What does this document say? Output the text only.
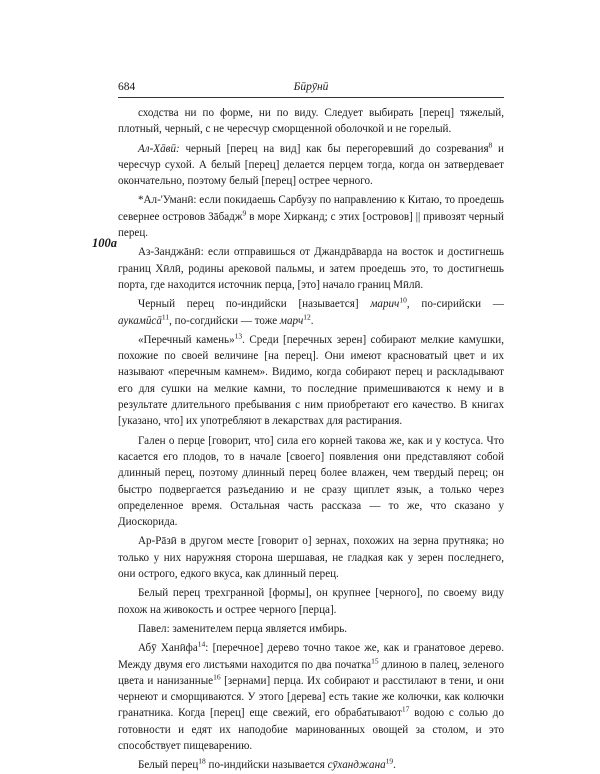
684	Бӣрӯнӣ
100а

сходства ни по форме, ни по виду. Следует выбирать [перец] тяжелый, плотный, черный, с не чересчур сморщенной оболочкой и не горелый.

Ал-Хāвӣ: черный [перец на вид] как бы перегоревший до созревания$^8$ и чересчур сухой. А белый [перец] делается перцем тогда, когда он затвердевает окончательно, поэтому белый [перец] острее черного.

*Ал-'Уманӣ: если покидаешь Сарбузу по направлению к Китаю, то проедешь севернее островов Зāбадж$^9$ в море Хирканд; с этих [островов] || привозят черный перец.

Аз-Занджāнӣ: если отправишься от Джандрāварда на восток и достигнешь границ Хӣлӣ, родины арековой пальмы, и затем проедешь это, то достигнешь порта, где находится источник перца, [это] начало границ Мӣлӣ.

Черный перец по-индийски [называется] марич$^{10}$, по-сирийски — аукамӣсā$^{11}$, по-согдийски — тоже марч$^{12}$.

«Перечный камень»$^{13}$. Среди [перечных зерен] собирают мелкие камушки, похожие по своей величине [на перец]. Они имеют красноватый цвет и их называют «перечным камнем». Видимо, когда собирают перец и раскладывают его для сушки на мелкие камни, то последние примешиваются к нему и в результате длительного пребывания с ним приобретают его качество. В книгах [указано, что] их употребляют в лекарствах для растирания.

Гален о перце [говорит, что] сила его корней такова же, как и у костуса. Что касается его плодов, то в начале [своего] появления они представляют собой длинный перец, поэтому длинный перец более влажен, чем твердый перец; он быстро подвергается разъеданию и не сразу щиплет язык, а только через определенное время. Остальная часть рассказа — то же, что сказано у Диоскорида.

Ар-Рāзӣ в другом месте [говорит о] зернах, похожих на зерна прутняка; но только у них наружняя сторона шершавая, не гладкая как у зерен последнего, они острого, едкого вкуса, как длинный перец.

Белый перец трехгранной [формы], он крупнее [черного], по своему виду похож на живокость и острее черного [перца].

Павел: заменителем перца является имбирь.

Абӯ Ханӣфа$^{14}$: [перечное] дерево точно такое же, как и гранатовое дерево. Между двумя его листьями находится по два початка$^{15}$ длиною в палец, зеленого цвета и нанизанные$^{16}$ [зернами] перца. Их собирают и расстилают в тени, и они чернеют и сморщиваются. У этого [дерева] есть такие же колючки, как колючки гранатника. Когда [перец] еще свежий, его обрабатывают$^{17}$ водою с солью до готовности и едят их наподобие маринованных овощей за столом, и это способствует пищеварению.

Белый перец$^{18}$ по-индийски называется сӯханджана$^{19}$.
